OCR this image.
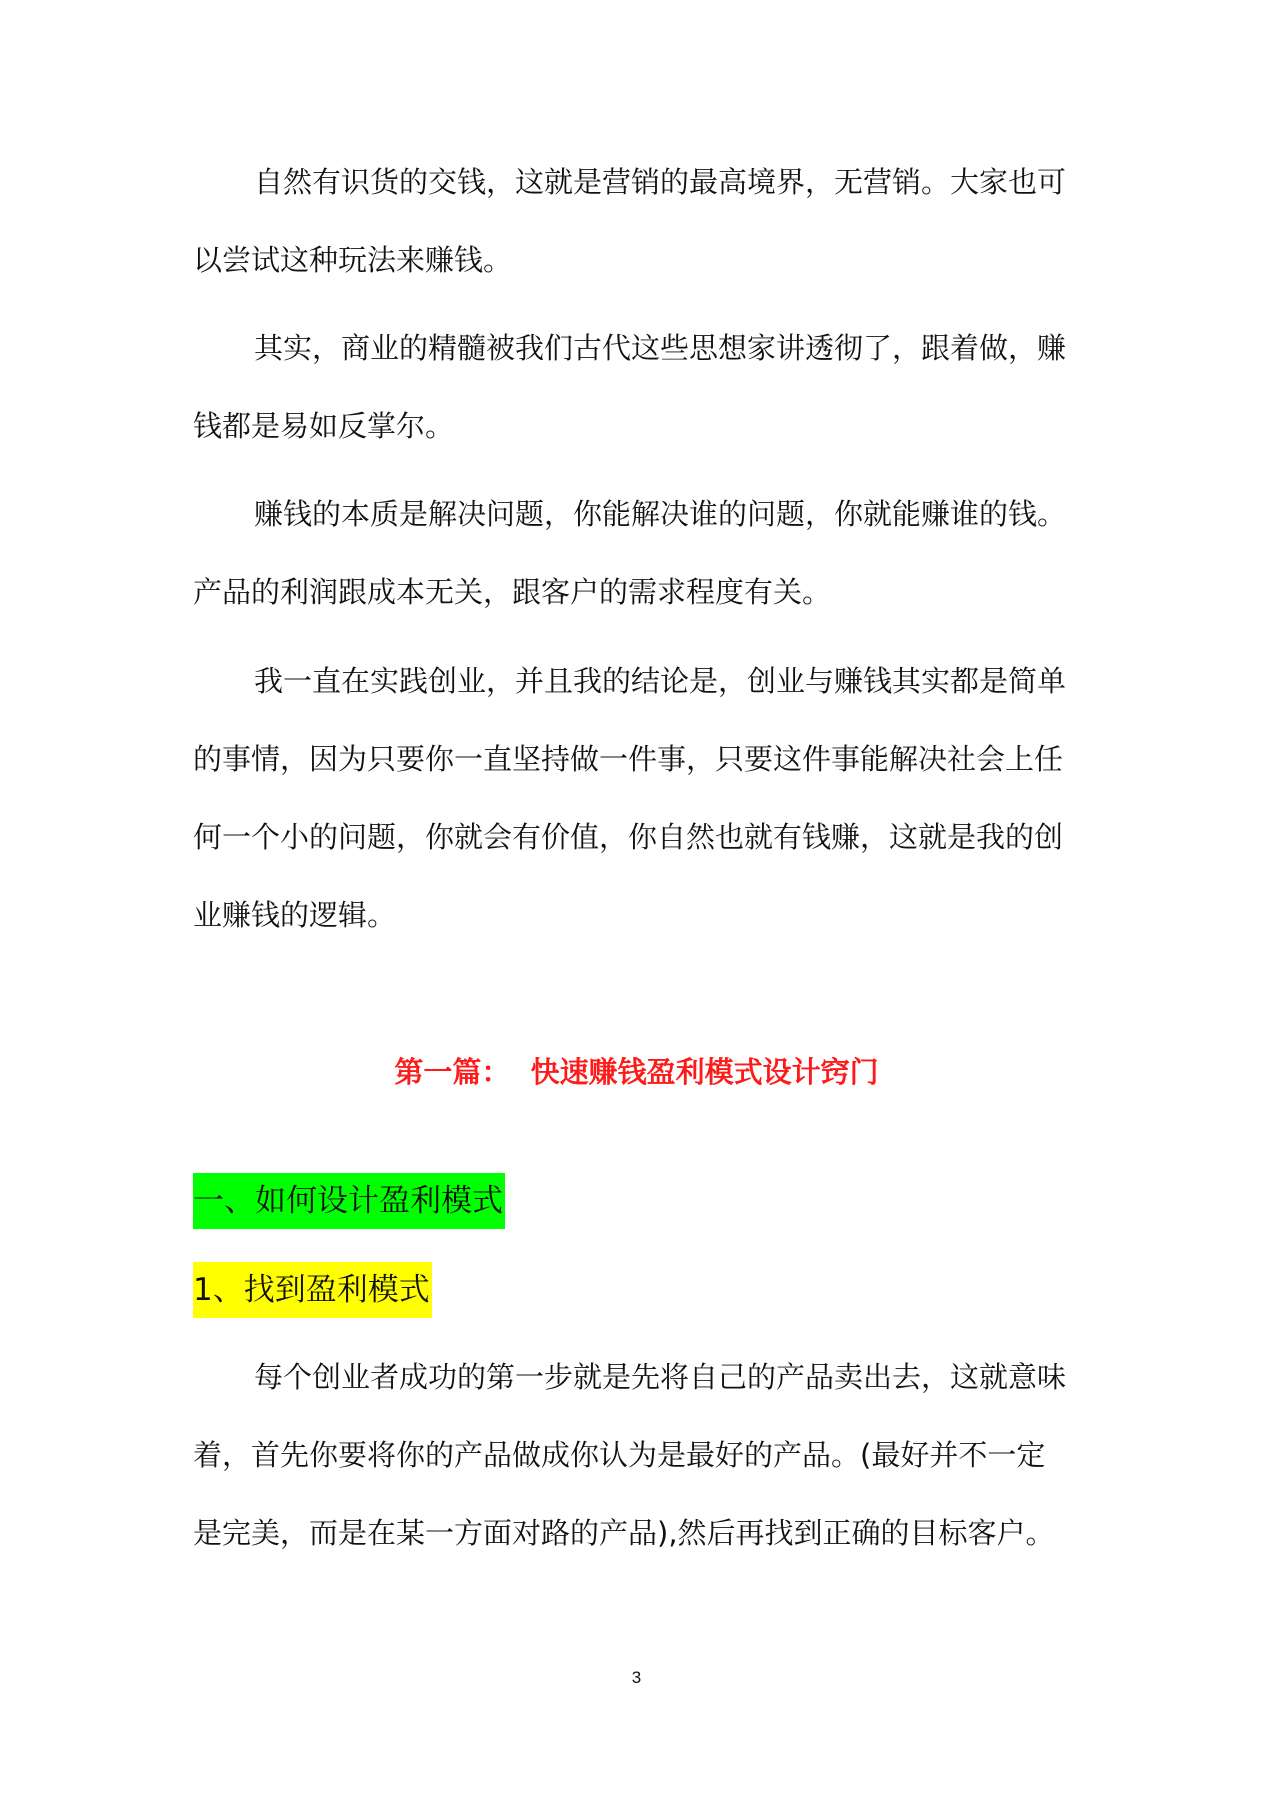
自然有识货的交钱，这就是营销的最高境界，无营销。大家也可
以尝试这种玩法来赚钱。
其实，商业的精髓被我们古代这些思想家讲透彻了，跟着做，赚
钱都是易如反掌尔。
赚钱的本质是解决问题，你能解决谁的问题，你就能赚谁的钱。
产品的利润跟成本无关，跟客户的需求程度有关。
我一直在实践创业，并且我的结论是，创业与赚钱其实都是简单
的事情，因为只要你一直坚持做一件事，只要这件事能解决社会上任
何一个小的问题，你就会有价值，你自然也就有钱赚，这就是我的创
业赚钱的逻辑。
第一篇： 快速赚钱盈利模式设计窍门
一、如何设计盈利模式
1、找到盈利模式
每个创业者成功的第一步就是先将自己的产品卖出去，这就意味
着，首先你要将你的产品做成你认为是最好的产品。(最好并不一定
是完美，而是在某一方面对路的产品),然后再找到正确的目标客户。
3
